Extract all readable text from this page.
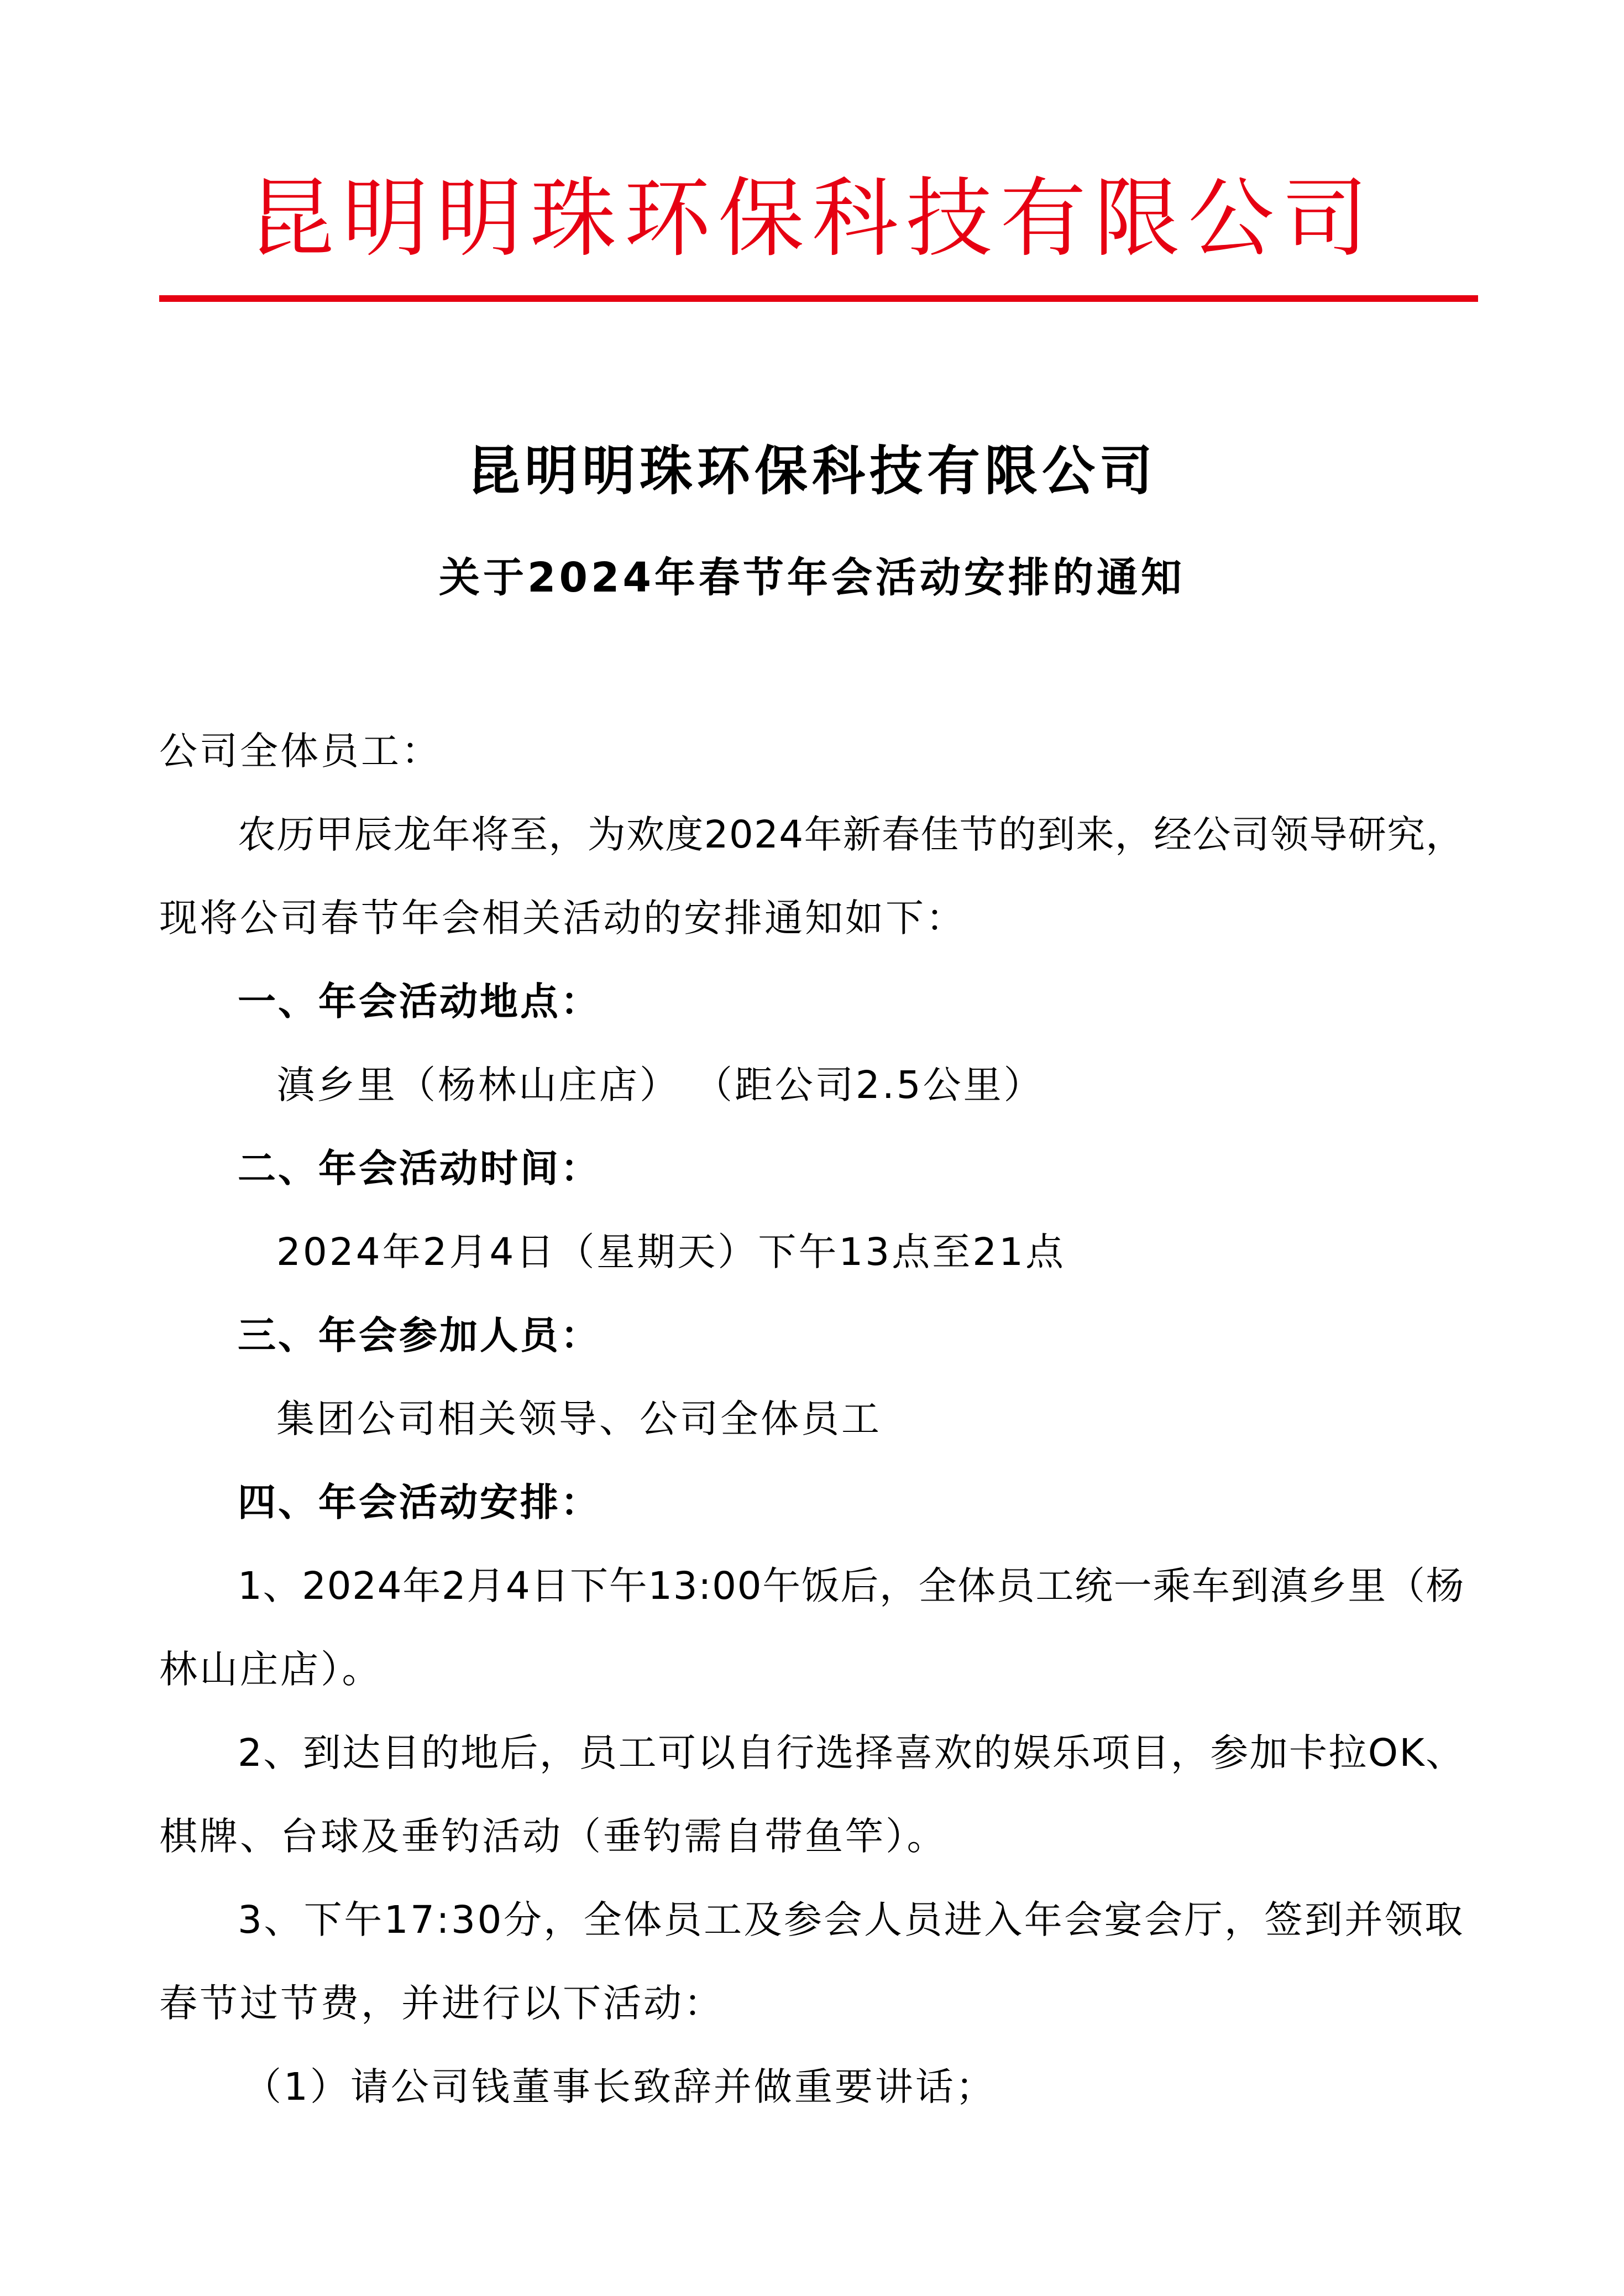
昆明明珠环保科技有限公司
昆明明珠环保科技有限公司
关于2024年春节年会活动安排的通知
公司全体员工：
农历甲辰龙年将至，为欢度2024年新春佳节的到来，经公司领导研究，
现将公司春节年会相关活动的安排通知如下：
一、年会活动地点：
滇乡里（杨林山庄店） （距公司2.5公里）
二、年会活动时间：
2024年2月4日（星期天）下午13点至21点
三、年会参加人员：
集团公司相关领导、公司全体员工
四、年会活动安排：
1、2024年2月4日下午13:00午饭后，全体员工统一乘车到滇乡里（杨
林山庄店）。
2、到达目的地后，员工可以自行选择喜欢的娱乐项目，参加卡拉OK、
棋牌、台球及垂钓活动（垂钓需自带鱼竿）。
3、下午17:30分，全体员工及参会人员进入年会宴会厅，签到并领取
春节过节费，并进行以下活动：
（1）请公司钱董事长致辞并做重要讲话；
